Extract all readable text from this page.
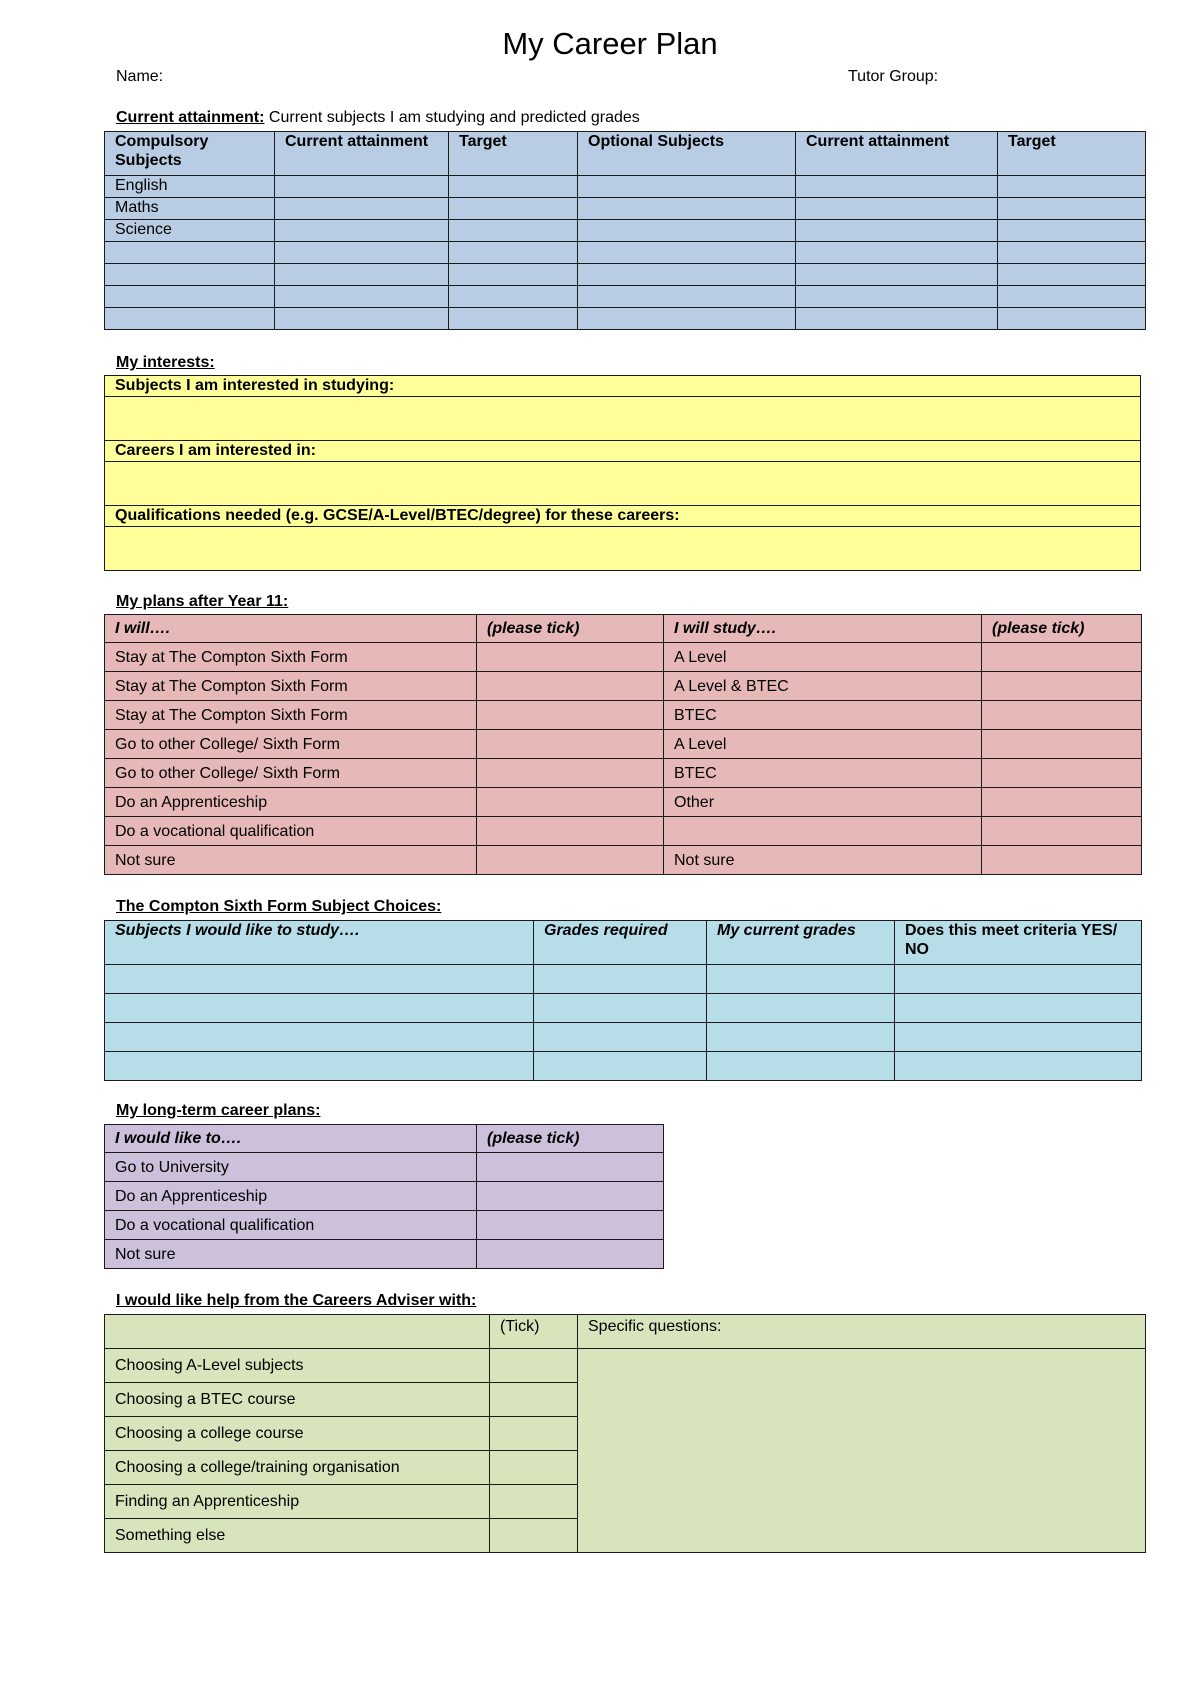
My Career Plan
Name:	Tutor Group:
Current attainment: Current subjects I am studying and predicted grades
Compulsory Subjects	Current attainment	Target	Optional Subjects	Current attainment	Target
English					
Maths					
Science					

My interests:
Subjects I am interested in studying:

Careers I am interested in:

Qualifications needed (e.g. GCSE/A-Level/BTEC/degree) for these careers:

My plans after Year 11:
I will….	(please tick)	I will study….	(please tick)
Stay at The Compton Sixth Form		A Level	
Stay at The Compton Sixth Form		A Level & BTEC	
Stay at The Compton Sixth Form		BTEC	
Go to other College/ Sixth Form		A Level	
Go to other College/ Sixth Form		BTEC	
Do an Apprenticeship		Other	
Do a vocational qualification			
Not sure		Not sure	
The Compton Sixth Form Subject Choices:
Subjects I would like to study….	Grades required	My current grades	Does this meet criteria YES/ NO

My long-term career plans:
I would like to….	(please tick)
Go to University	
Do an Apprenticeship	
Do a vocational qualification	
Not sure	
I would like help from the Careers Adviser with:
	(Tick)	Specific questions:
Choosing A-Level subjects		
Choosing a BTEC course		
Choosing a college course		
Choosing a college/training organisation		
Finding an Apprenticeship		
Something else		
